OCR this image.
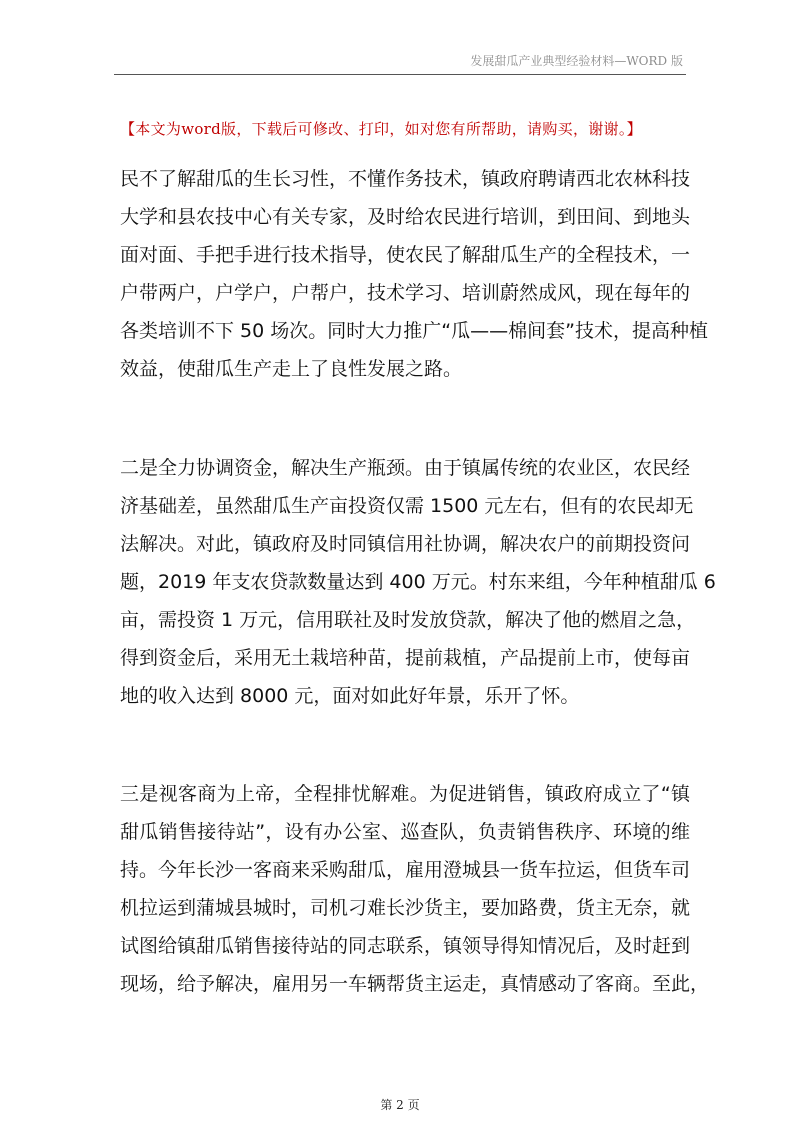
发展甜瓜产业典型经验材料—WORD 版
【本文为word版，下载后可修改、打印，如对您有所帮助，请购买，谢谢。】
民不了解甜瓜的生长习性，不懂作务技术，镇政府聘请西北农林科技
大学和县农技中心有关专家，及时给农民进行培训，到田间、到地头
面对面、手把手进行技术指导，使农民了解甜瓜生产的全程技术，一
户带两户，户学户，户帮户，技术学习、培训蔚然成风，现在每年的
各类培训不下 50 场次。同时大力推广“瓜——棉间套”技术，提高种植
效益，使甜瓜生产走上了良性发展之路。
二是全力协调资金，解决生产瓶颈。由于镇属传统的农业区，农民经
济基础差，虽然甜瓜生产亩投资仅需 1500 元左右，但有的农民却无
法解决。对此，镇政府及时同镇信用社协调，解决农户的前期投资问
题，2019 年支农贷款数量达到 400 万元。村东来组，今年种植甜瓜 6
亩，需投资 1 万元，信用联社及时发放贷款，解决了他的燃眉之急，
得到资金后，采用无土栽培种苗，提前栽植，产品提前上市，使每亩
地的收入达到 8000 元，面对如此好年景，乐开了怀。
三是视客商为上帝，全程排忧解难。为促进销售，镇政府成立了“镇
甜瓜销售接待站”，设有办公室、巡查队，负责销售秩序、环境的维
持。今年长沙一客商来采购甜瓜，雇用澄城县一货车拉运，但货车司
机拉运到蒲城县城时，司机刁难长沙货主，要加路费，货主无奈，就
试图给镇甜瓜销售接待站的同志联系，镇领导得知情况后，及时赶到
现场，给予解决，雇用另一车辆帮货主运走，真情感动了客商。至此，
第 2 页
